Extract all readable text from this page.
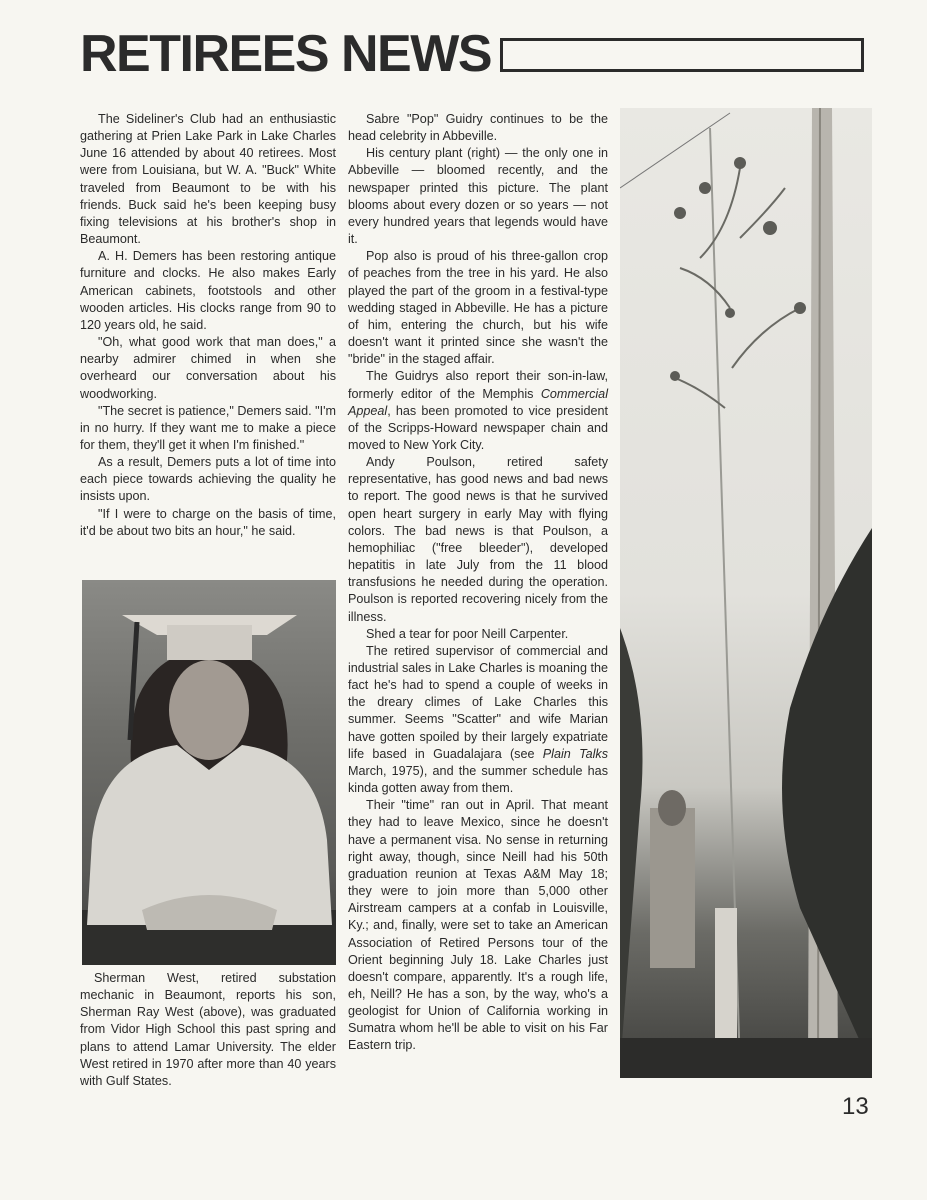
RETIREES NEWS

The Sideliner's Club had an enthusiastic gathering at Prien Lake Park in Lake Charles June 16 attended by about 40 retirees. Most were from Louisiana, but W. A. "Buck" White traveled from Beaumont to be with his friends. Buck said he's been keeping busy fixing televisions at his brother's shop in Beaumont.

A. H. Demers has been restoring antique furniture and clocks. He also makes Early American cabinets, footstools and other wooden articles. His clocks range from 90 to 120 years old, he said.

"Oh, what good work that man does," a nearby admirer chimed in when she overheard our conversation about his woodworking.

"The secret is patience," Demers said. "I'm in no hurry. If they want me to make a piece for them, they'll get it when I'm finished."

As a result, Demers puts a lot of time into each piece towards achieving the quality he insists upon.

"If I were to charge on the basis of time, it'd be about two bits an hour," he said.

Sherman West, retired substation mechanic in Beaumont, reports his son, Sherman Ray West (above), was graduated from Vidor High School this past spring and plans to attend Lamar University. The elder West retired in 1970 after more than 40 years with Gulf States.

Sabre "Pop" Guidry continues to be the head celebrity in Abbeville.

His century plant (right) — the only one in Abbeville — bloomed recently, and the newspaper printed this picture. The plant blooms about every dozen or so years — not every hundred years that legends would have it.

Pop also is proud of his three-gallon crop of peaches from the tree in his yard. He also played the part of the groom in a festival-type wedding staged in Abbeville. He has a picture of him, entering the church, but his wife doesn't want it printed since she wasn't the "bride" in the staged affair.

The Guidrys also report their son-in-law, formerly editor of the Memphis Commercial Appeal, has been promoted to vice president of the Scripps-Howard newspaper chain and moved to New York City.

Andy Poulson, retired safety representative, has good news and bad news to report. The good news is that he survived open heart surgery in early May with flying colors. The bad news is that Poulson, a hemophiliac ("free bleeder"), developed hepatitis in late July from the 11 blood transfusions he needed during the operation. Poulson is reported recovering nicely from the illness.

Shed a tear for poor Neill Carpenter.

The retired supervisor of commercial and industrial sales in Lake Charles is moaning the fact he's had to spend a couple of weeks in the dreary climes of Lake Charles this summer. Seems "Scatter" and wife Marian have gotten spoiled by their largely expatriate life based in Guadalajara (see Plain Talks March, 1975), and the summer schedule has kinda gotten away from them.

Their "time" ran out in April. That meant they had to leave Mexico, since he doesn't have a permanent visa. No sense in returning right away, though, since Neill had his 50th graduation reunion at Texas A&M May 18; they were to join more than 5,000 other Airstream campers at a confab in Louisville, Ky.; and, finally, were set to take an American Association of Retired Persons tour of the Orient beginning July 18. Lake Charles just doesn't compare, apparently. It's a rough life, eh, Neill? He has a son, by the way, who's a geologist for Union of California working in Sumatra whom he'll be able to visit on his Far Eastern trip.

13
